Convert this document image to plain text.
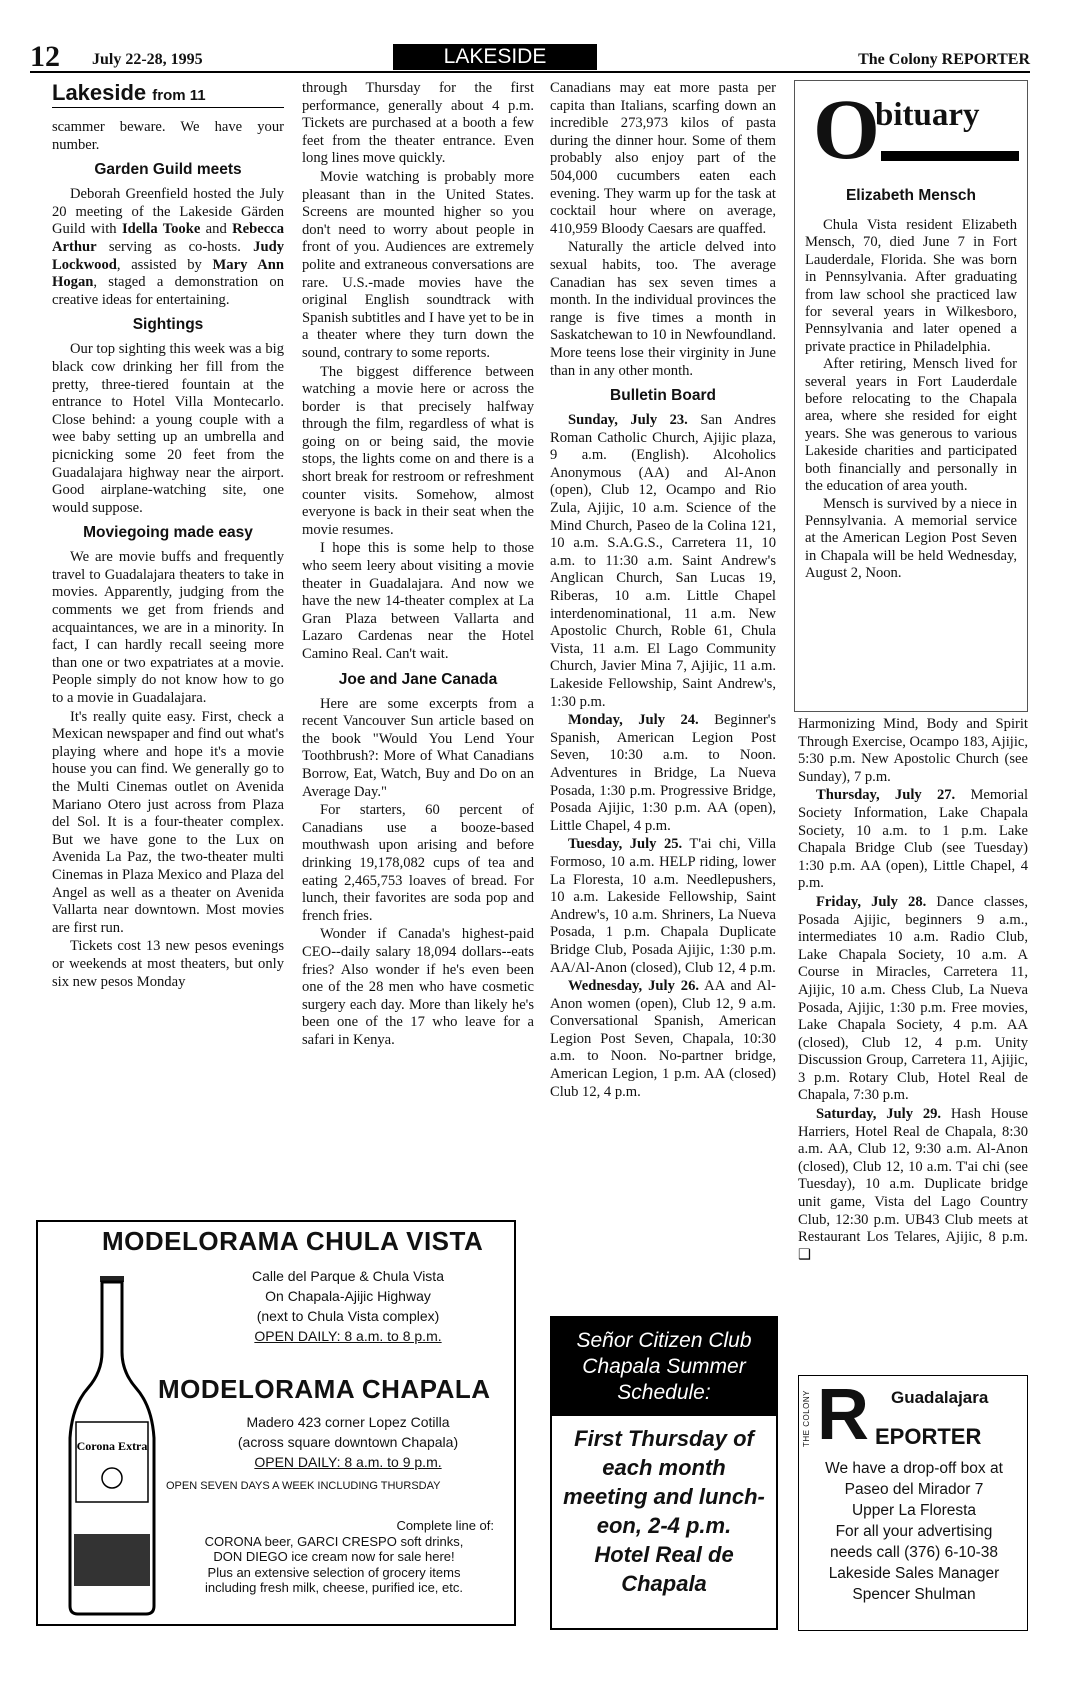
12 July 22-28, 1995	LAKESIDE	The Colony REPORTER
Lakeside from 11

scammer beware. We have your number.

Garden Guild meets

Deborah Greenfield hosted the July 20 meeting of the Lakeside Gärden Guild with Idella Tooke and Rebecca Arthur serving as co-hosts. Judy Lockwood, assisted by Mary Ann Hogan, staged a demonstration on creative ideas for entertaining.

Sightings

Our top sighting this week was a big black cow drinking her fill from the pretty, three-tiered fountain at the entrance to Hotel Villa Montecarlo. Close behind: a young couple with a wee baby setting up an umbrella and picnicking some 20 feet from the Guadalajara highway near the airport. Good airplane-watching site, one would suppose.

Moviegoing made easy

We are movie buffs and frequently travel to Guadalajara theaters to take in movies. Apparently, judging from the comments we get from friends and acquaintances, we are in a minority. In fact, I can hardly recall seeing more than one or two expatriates at a movie. People simply do not know how to go to a movie in Guadalajara.

It's really quite easy. First, check a Mexican newspaper and find out what's playing where and hope it's a movie house you can find. We generally go to the Multi Cinemas outlet on Avenida Mariano Otero just across from Plaza del Sol. It is a four-theater complex. But we have gone to the Lux on Avenida La Paz, the two-theater multi Cinemas in Plaza Mexico and Plaza del Angel as well as a theater on Avenida Vallarta near downtown. Most movies are first run.

Tickets cost 13 new pesos evenings or weekends at most theaters, but only six new pesos Monday

through Thursday for the first performance, generally about 4 p.m. Tickets are purchased at a booth a few feet from the theater entrance. Even long lines move quickly.

Movie watching is probably more pleasant than in the United States. Screens are mounted higher so you don't need to worry about people in front of you. Audiences are extremely polite and extraneous conversations are rare. U.S.-made movies have the original English soundtrack with Spanish subtitles and I have yet to be in a theater where they turn down the sound, contrary to some reports.

The biggest difference between watching a movie here or across the border is that precisely halfway through the film, regardless of what is going on or being said, the movie stops, the lights come on and there is a short break for restroom or refreshment counter visits. Somehow, almost everyone is back in their seat when the movie resumes.

I hope this is some help to those who seem leery about visiting a movie theater in Guadalajara. And now we have the new 14-theater complex at La Gran Plaza between Vallarta and Lazaro Cardenas near the Hotel Camino Real. Can't wait.

Joe and Jane Canada

Here are some excerpts from a recent Vancouver Sun article based on the book "Would You Lend Your Toothbrush?: More of What Canadians Borrow, Eat, Watch, Buy and Do on an Average Day."

For starters, 60 percent of Canadians use a booze-based mouthwash upon arising and before drinking 19,178,082 cups of tea and eating 2,465,753 loaves of bread. For lunch, their favorites are soda pop and french fries.

Wonder if Canada's highest-paid CEO--daily salary 18,094 dollars--eats fries? Also wonder if he's even been one of the 28 men who have cosmetic surgery each day. More than likely he's been one of the 17 who leave for a safari in Kenya.

Canadians may eat more pasta per capita than Italians, scarfing down an incredible 273,973 kilos of pasta during the dinner hour. Some of them probably also enjoy part of the 504,000 cucumbers eaten each evening. They warm up for the task at cocktail hour where on average, 410,959 Bloody Caesars are quaffed.

Naturally the article delved into sexual habits, too. The average Canadian has sex seven times a month. In the individual provinces the range is five times a month in Saskatchewan to 10 in Newfoundland. More teens lose their virginity in June than in any other month.

Bulletin Board

Sunday, July 23. San Andres Roman Catholic Church, Ajijic plaza, 9 a.m. (English). Alcoholics Anonymous (AA) and Al-Anon (open), Club 12, Ocampo and Rio Zula, Ajijic, 10 a.m. Science of the Mind Church, Paseo de la Colina 121, 10 a.m. S.A.G.S., Carretera 11, 10 a.m. to 11:30 a.m. Saint Andrew's Anglican Church, San Lucas 19, Riberas, 10 a.m. Little Chapel interdenominational, 11 a.m. New Apostolic Church, Roble 61, Chula Vista, 11 a.m. El Lago Community Church, Javier Mina 7, Ajijic, 11 a.m. Lakeside Fellowship, Saint Andrew's, 1:30 p.m.

Monday, July 24. Beginner's Spanish, American Legion Post Seven, 10:30 a.m. to Noon. Adventures in Bridge, La Nueva Posada, 1:30 p.m. Progressive Bridge, Posada Ajijic, 1:30 p.m. AA (open), Little Chapel, 4 p.m.

Tuesday, July 25. T'ai chi, Villa Formoso, 10 a.m. HELP riding, lower La Floresta, 10 a.m. Needlepushers, 10 a.m. Lakeside Fellowship, Saint Andrew's, 10 a.m. Shriners, La Nueva Posada, 1 p.m. Chapala Duplicate Bridge Club, Posada Ajijic, 1:30 p.m. AA/Al-Anon (closed), Club 12, 4 p.m.

Wednesday, July 26. AA and Al-Anon women (open), Club 12, 9 a.m. Conversational Spanish, American Legion Post Seven, Chapala, 10:30 a.m. to Noon. No-partner bridge, American Legion, 1 p.m. AA (closed) Club 12, 4 p.m.

O
bituary
Elizabeth Mensch

Chula Vista resident Elizabeth Mensch, 70, died June 7 in Fort Lauderdale, Florida. She was born in Pennsylvania. After graduating from law school she practiced law for several years in Wilkesboro, Pennsylvania and later opened a private practice in Philadelphia.

After retiring, Mensch lived for several years in Fort Lauderdale before relocating to the Chapala area, where she resided for eight years. She was generous to various Lakeside charities and participated both financially and personally in the education of area youth.

Mensch is survived by a niece in Pennsylvania. A memorial service at the American Legion Post Seven in Chapala will be held Wednesday, August 2, Noon.

Harmonizing Mind, Body and Spirit Through Exercise, Ocampo 183, Ajijic, 5:30 p.m. New Apostolic Church (see Sunday), 7 p.m.

Thursday, July 27. Memorial Society Information, Lake Chapala Society, 10 a.m. to 1 p.m. Lake Chapala Bridge Club (see Tuesday) 1:30 p.m. AA (open), Little Chapel, 4 p.m.

Friday, July 28. Dance classes, Posada Ajijic, beginners 9 a.m., intermediates 10 a.m. Radio Club, Lake Chapala Society, 10 a.m. A Course in Miracles, Carretera 11, Ajijic, 10 a.m. Chess Club, La Nueva Posada, Ajijic, 1:30 p.m. Free movies, Lake Chapala Society, 4 p.m. AA (closed), Club 12, 4 p.m. Unity Discussion Group, Carretera 11, Ajijic, 3 p.m. Rotary Club, Hotel Real de Chapala, 7:30 p.m.

Saturday, July 29. Hash House Harriers, Hotel Real de Chapala, 8:30 a.m. AA, Club 12, 9:30 a.m. Al-Anon (closed), Club 12, 10 a.m. T'ai chi (see Tuesday), 10 a.m. Duplicate bridge unit game, Vista del Lago Country Club, 12:30 p.m. UB43 Club meets at Restaurant Los Telares, Ajijic, 8 p.m. ❑

MODELORAMA CHULA VISTA
Calle del Parque & Chula Vista
On Chapala-Ajijic Highway
(next to Chula Vista complex)
OPEN DAILY: 8 a.m. to 8 p.m.
MODELORAMA CHAPALA
Madero 423 corner Lopez Cotilla
(across square downtown Chapala)
OPEN DAILY: 8 a.m. to 9 p.m.
OPEN SEVEN DAYS A WEEK INCLUDING THURSDAY
Complete line of:
CORONA beer, GARCI CRESPO soft drinks,
DON DIEGO ice cream now for sale here!
Plus an extensive selection of grocery items
including fresh milk, cheese, purified ice, etc.
Corona Extra
Señor Citizen Club
Chapala Summer
Schedule:
First Thursday of
each month
meeting and lunch-
eon, 2-4 p.m.
Hotel Real de
Chapala
THE COLONY R Guadalajara
EPORTER
We have a drop-off box at
Paseo del Mirador 7
Upper La Floresta
For all your advertising
needs call (376) 6-10-38
Lakeside Sales Manager
Spencer Shulman
